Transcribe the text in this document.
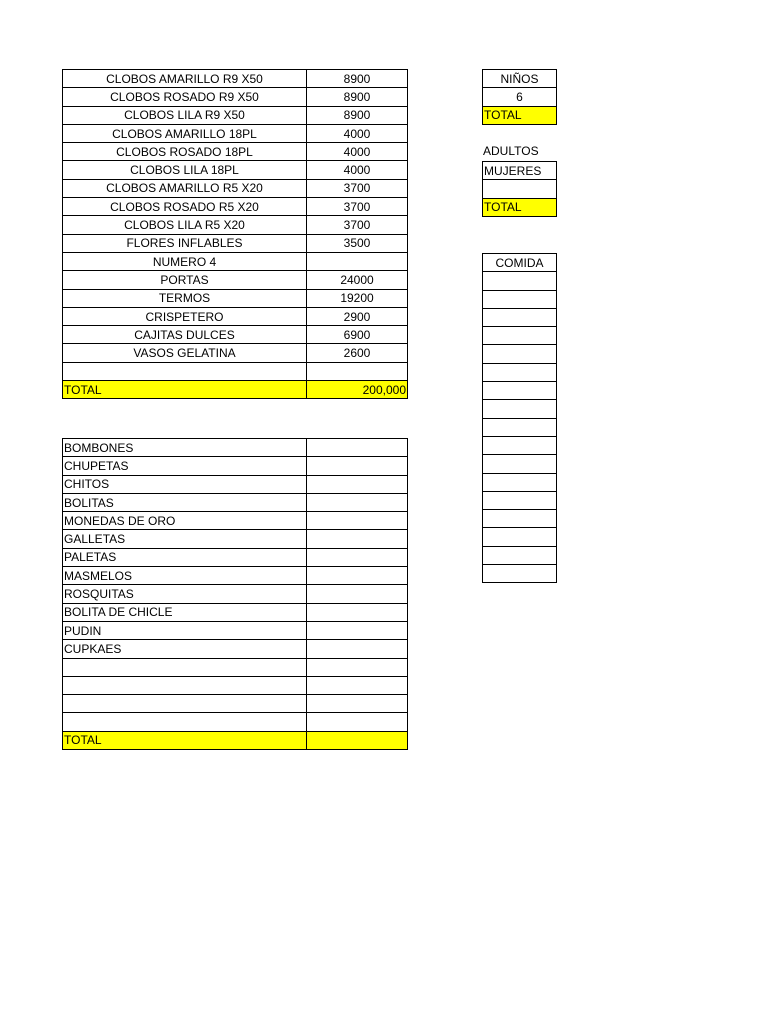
CLOBOS AMARILLO R9 X50	8900
CLOBOS ROSADO R9 X50	8900
CLOBOS LILA R9 X50	8900
CLOBOS AMARILLO 18PL	4000
CLOBOS ROSADO 18PL	4000
CLOBOS LILA 18PL	4000
CLOBOS AMARILLO R5 X20	3700
CLOBOS ROSADO R5 X20	3700
CLOBOS LILA R5 X20	3700
FLORES INFLABLES	3500
NUMERO 4	
PORTAS	24000
TERMOS	19200
CRISPETERO	2900
CAJITAS DULCES	6900
VASOS GELATINA	2600

TOTAL	200,000
BOMBONES	
CHUPETAS	
CHITOS	
BOLITAS	
MONEDAS DE ORO	
GALLETAS	
PALETAS	
MASMELOS	
ROSQUITAS	
BOLITA DE CHICLE	
PUDIN	
CUPKAES	

TOTAL	
NIÑOS
6
TOTAL
ADULTOS
MUJERES

TOTAL
COMIDA
